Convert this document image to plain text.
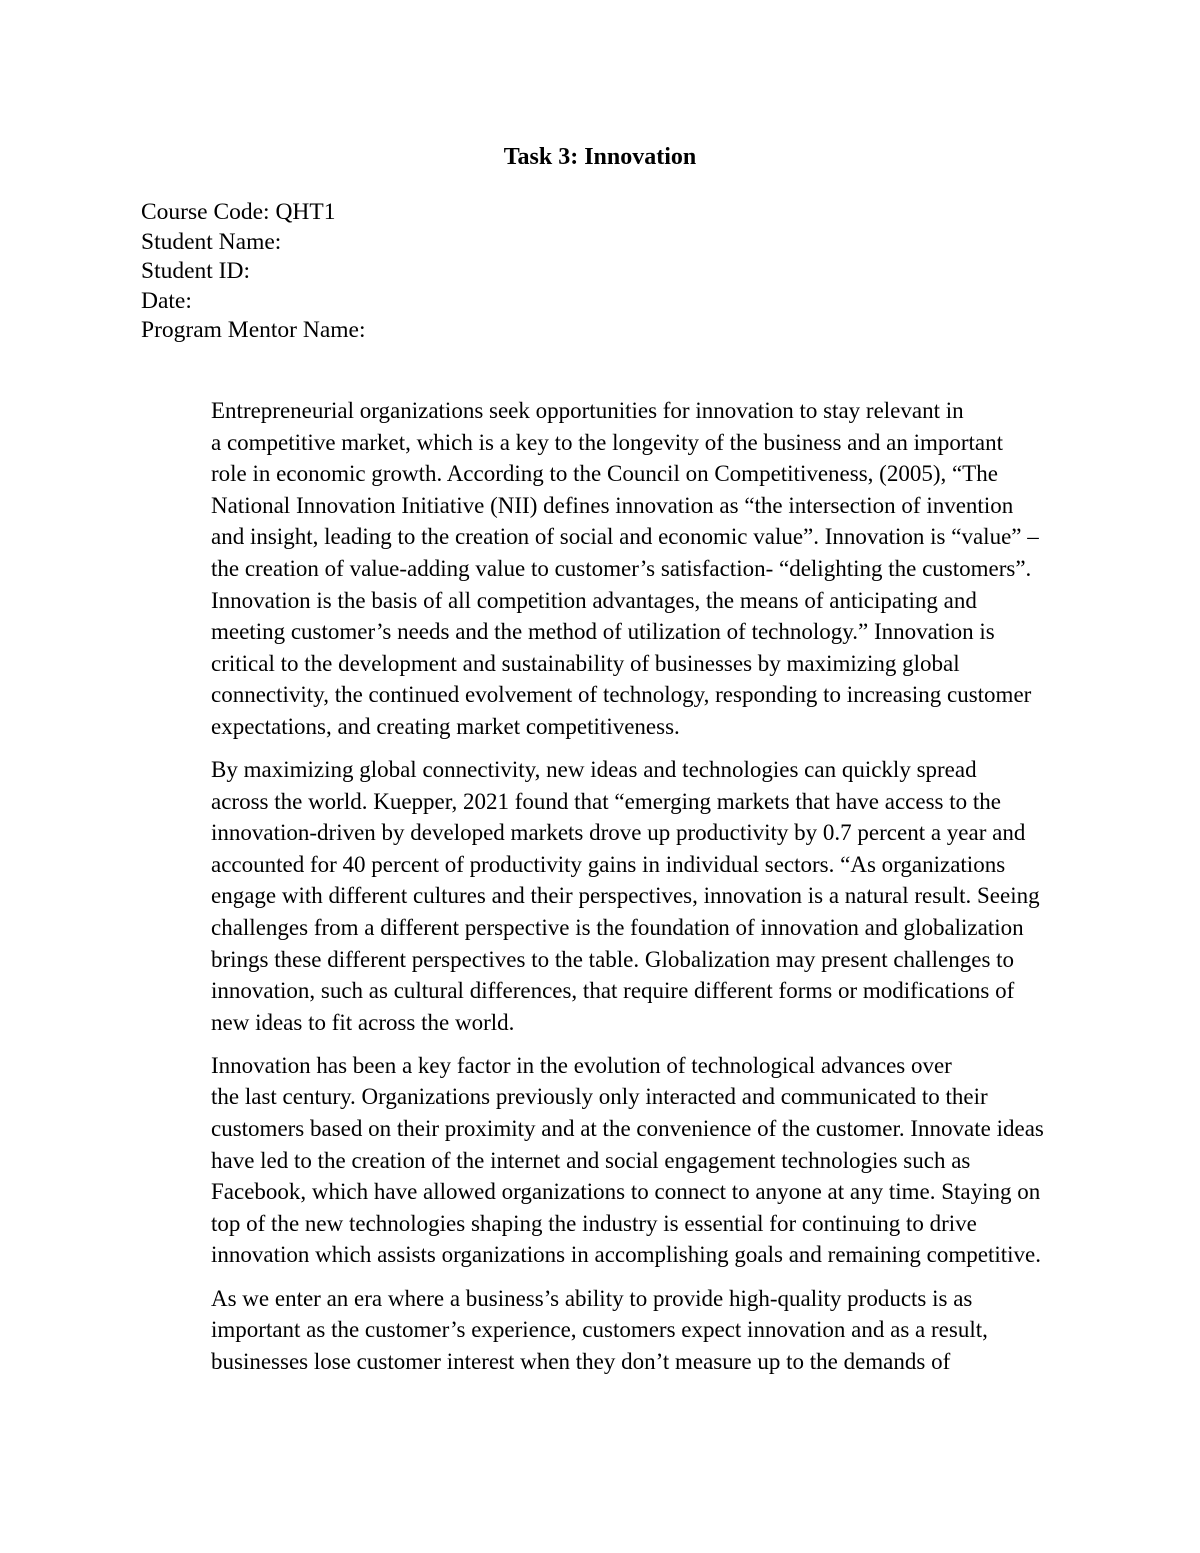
Task 3: Innovation
Course Code: QHT1
Student Name:
Student ID:
Date:
Program Mentor Name:

Entrepreneurial organizations seek opportunities for innovation to stay relevant in
a competitive market, which is a key to the longevity of the business and an important
role in economic growth. According to the Council on Competitiveness, (2005), “The
National Innovation Initiative (NII) defines innovation as “the intersection of invention
and insight, leading to the creation of social and economic value”. Innovation is “value” –
the creation of value-adding value to customer’s satisfaction- “delighting the customers”.
Innovation is the basis of all competition advantages, the means of anticipating and
meeting customer’s needs and the method of utilization of technology.” Innovation is
critical to the development and sustainability of businesses by maximizing global
connectivity, the continued evolvement of technology, responding to increasing customer
expectations, and creating market competitiveness.

By maximizing global connectivity, new ideas and technologies can quickly spread
across the world. Kuepper, 2021 found that “emerging markets that have access to the
innovation-driven by developed markets drove up productivity by 0.7 percent a year and
accounted for 40 percent of productivity gains in individual sectors. “As organizations
engage with different cultures and their perspectives, innovation is a natural result. Seeing
challenges from a different perspective is the foundation of innovation and globalization
brings these different perspectives to the table. Globalization may present challenges to
innovation, such as cultural differences, that require different forms or modifications of
new ideas to fit across the world.

Innovation has been a key factor in the evolution of technological advances over
the last century. Organizations previously only interacted and communicated to their
customers based on their proximity and at the convenience of the customer. Innovate ideas
have led to the creation of the internet and social engagement technologies such as
Facebook, which have allowed organizations to connect to anyone at any time. Staying on
top of the new technologies shaping the industry is essential for continuing to drive
innovation which assists organizations in accomplishing goals and remaining competitive.

As we enter an era where a business’s ability to provide high-quality products is as
important as the customer’s experience, customers expect innovation and as a result,
businesses lose customer interest when they don’t measure up to the demands of
